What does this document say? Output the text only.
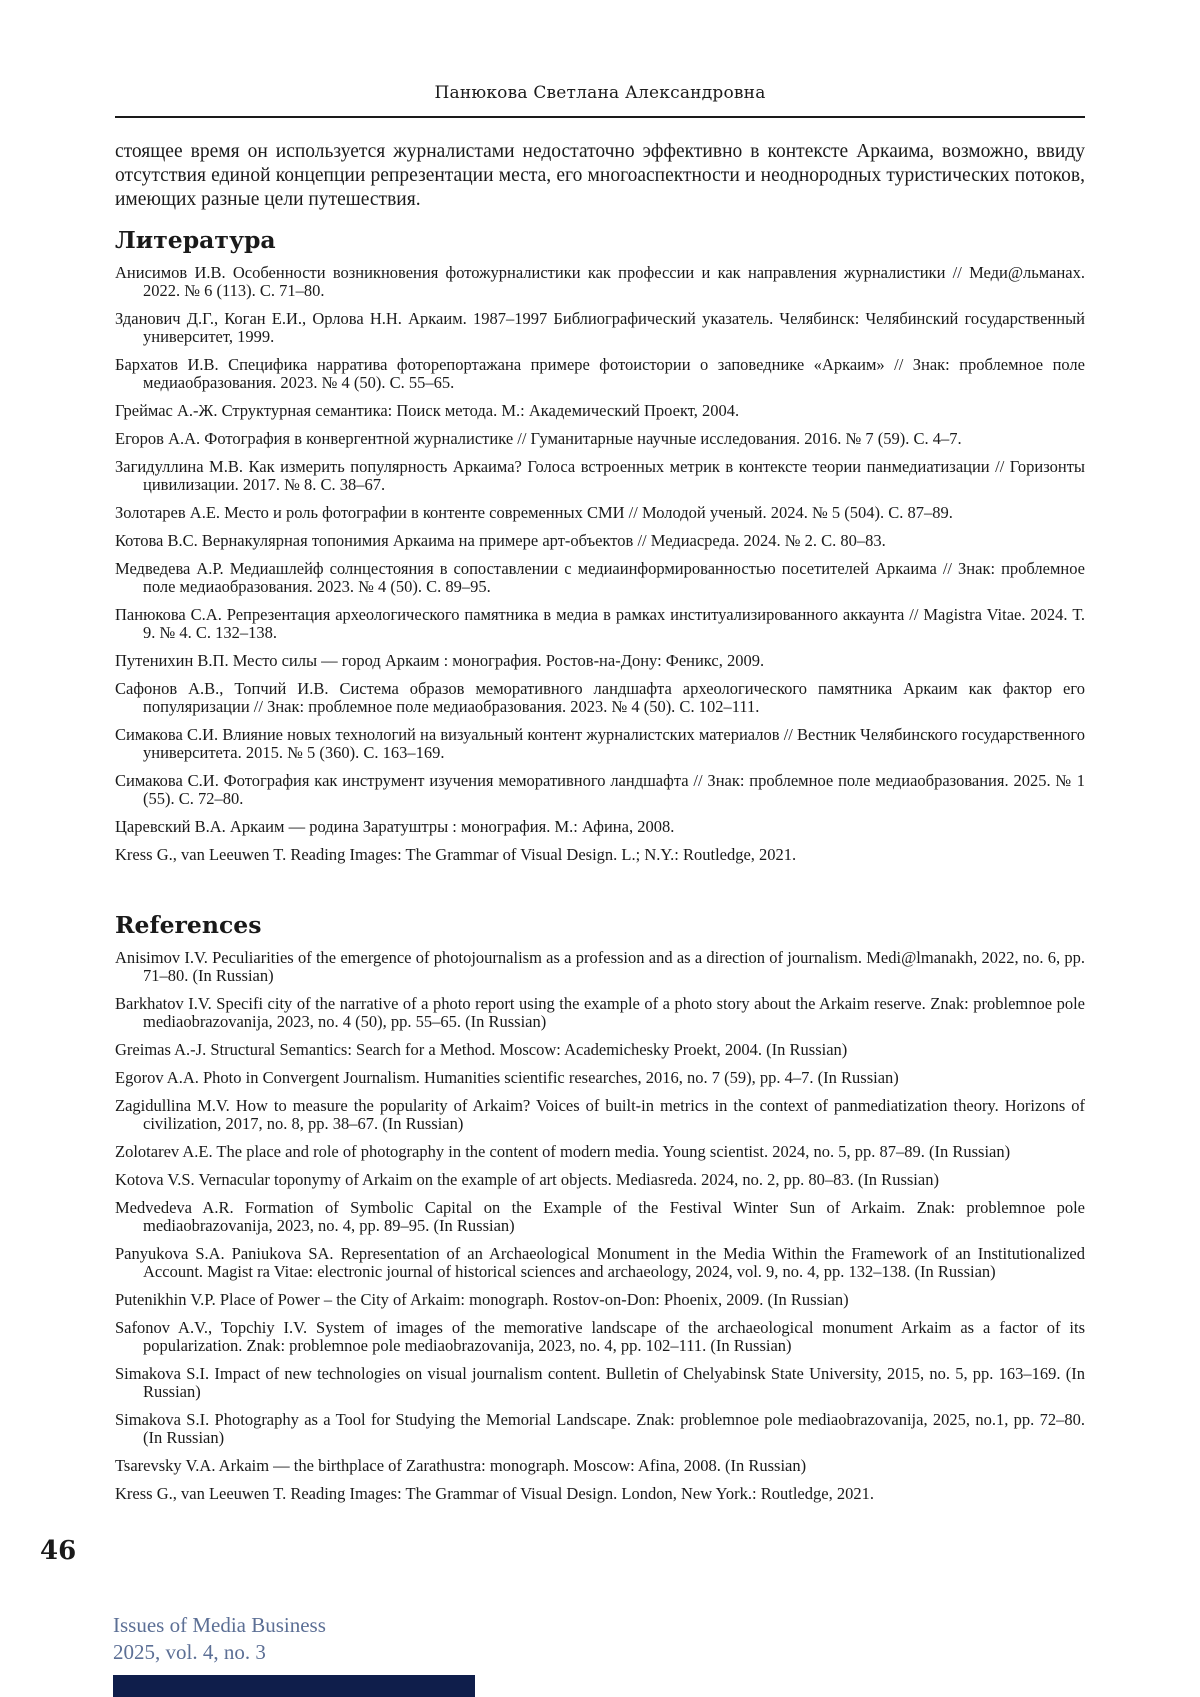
Панюкова Светлана Александровна

стоящее время он используется журналистами недостаточно эффективно в контексте Аркаима, возможно, ввиду отсутствия единой концепции репрезентации места, его многоаспектности и неоднородных туристических потоков, имеющих разные цели путешествия.

Литература
Анисимов И.В. Особенности возникновения фотожурналистики как профессии и как направления журналистики // Меди@льманах. 2022. № 6 (113). С. 71–80.
Зданович Д.Г., Коган Е.И., Орлова Н.Н. Аркаим. 1987–1997 Библиографический указатель. Челябинск: Челябинский государственный университет, 1999.
Бархатов И.В. Специфика нарратива фоторепортажана примере фотоистории о заповеднике «Аркаим» // Знак: проблемное поле медиаобразования. 2023. № 4 (50). С. 55–65.
Греймас А.-Ж. Структурная семантика: Поиск метода. М.: Академический Проект, 2004.
Егоров А.А. Фотография в конвергентной журналистике // Гуманитарные научные исследования. 2016. № 7 (59). С. 4–7.
Загидуллина М.В. Как измерить популярность Аркаима? Голоса встроенных метрик в контексте теории панмедиатизации // Горизонты цивилизации. 2017. № 8. С. 38–67.
Золотарев А.Е. Место и роль фотографии в контенте современных СМИ // Молодой ученый. 2024. № 5 (504). С. 87–89.
Котова В.С. Вернакулярная топонимия Аркаима на примере арт-объектов // Медиасреда. 2024. № 2. С. 80–83.
Медведева А.Р. Медиашлейф солнцестояния в сопоставлении с медиаинформированностью посетителей Аркаима // Знак: проблемное поле медиаобразования. 2023. № 4 (50). С. 89–95.
Панюкова С.А. Репрезентация археологического памятника в медиа в рамках институализированного аккаунта // Magistra Vitae. 2024. Т. 9. № 4. С. 132–138.
Путенихин В.П. Место силы — город Аркаим : монография. Ростов-на-Дону: Феникс, 2009.
Сафонов А.В., Топчий И.В. Система образов меморативного ландшафта археологического памятника Аркаим как фактор его популяризации // Знак: проблемное поле медиаобразования. 2023. № 4 (50). С. 102–111.
Симакова С.И. Влияние новых технологий на визуальный контент журналистских материалов // Вестник Челябинского государственного университета. 2015. № 5 (360). С. 163–169.
Симакова С.И. Фотография как инструмент изучения меморативного ландшафта // Знак: проблемное поле медиаобразования. 2025. № 1 (55). С. 72–80.
Царевский В.А. Аркаим — родина Заратуштры : монография. М.: Афина, 2008.
Kress G., van Leeuwen T. Reading Images: The Grammar of Visual Design. L.; N.Y.: Routledge, 2021.
References
Anisimov I.V. Peculiarities of the emergence of photojournalism as a profession and as a direction of journalism. Medi@lmanakh, 2022, no. 6, pp. 71–80. (In Russian)
Barkhatov I.V. Specifi city of the narrative of a photo report using the example of a photo story about the Arkaim reserve. Znak: problemnoe pole mediaobrazovanija, 2023, no. 4 (50), pp. 55–65. (In Russian)
Greimas A.-J. Structural Semantics: Search for a Method. Moscow: Academichesky Proekt, 2004. (In Russian)
Egorov A.A. Photo in Convergent Journalism. Humanities scientific researches, 2016, no. 7 (59), pp. 4–7. (In Russian)
Zagidullina M.V. How to measure the popularity of Arkaim? Voices of built-in metrics in the context of panmediatization theory. Horizons of civilization, 2017, no. 8, pp. 38–67. (In Russian)
Zolotarev A.E. The place and role of photography in the content of modern media. Young scientist. 2024, no. 5, pp. 87–89. (In Russian)
Kotova V.S. Vernacular toponymy of Arkaim on the example of art objects. Mediasreda. 2024, no. 2, pp. 80–83. (In Russian)
Medvedeva A.R. Formation of Symbolic Capital on the Example of the Festival Winter Sun of Arkaim. Znak: problemnoe pole mediaobrazovanija, 2023, no. 4, pp. 89–95. (In Russian)
Panyukova S.A. Paniukova SA. Representation of an Archaeological Monument in the Media Within the Framework of an Institutionalized Account. Magist ra Vitae: electronic journal of historical sciences and archaeology, 2024, vol. 9, no. 4, pp. 132–138. (In Russian)
Putenikhin V.P. Place of Power – the City of Arkaim: monograph. Rostov-on-Don: Phoenix, 2009. (In Russian)
Safonov A.V., Topchiy I.V. System of images of the memorative landscape of the archaeological monument Arkaim as a factor of its popularization. Znak: problemnoe pole mediaobrazovanija, 2023, no. 4, pp. 102–111. (In Russian)
Simakova S.I. Impact of new technologies on visual journalism content. Bulletin of Chelyabinsk State University, 2015, no. 5, pp. 163–169. (In Russian)
Simakova S.I. Photography as a Tool for Studying the Memorial Landscape. Znak: problemnoe pole mediaobrazovanija, 2025, no.1, pp. 72–80. (In Russian)
Tsarevsky V.A. Arkaim — the birthplace of Zarathustra: monograph. Moscow: Afina, 2008. (In Russian)
Kress G., van Leeuwen T. Reading Images: The Grammar of Visual Design. London, New York.: Routledge, 2021.
46
Issues of Media Business
2025, vol. 4, no. 3
